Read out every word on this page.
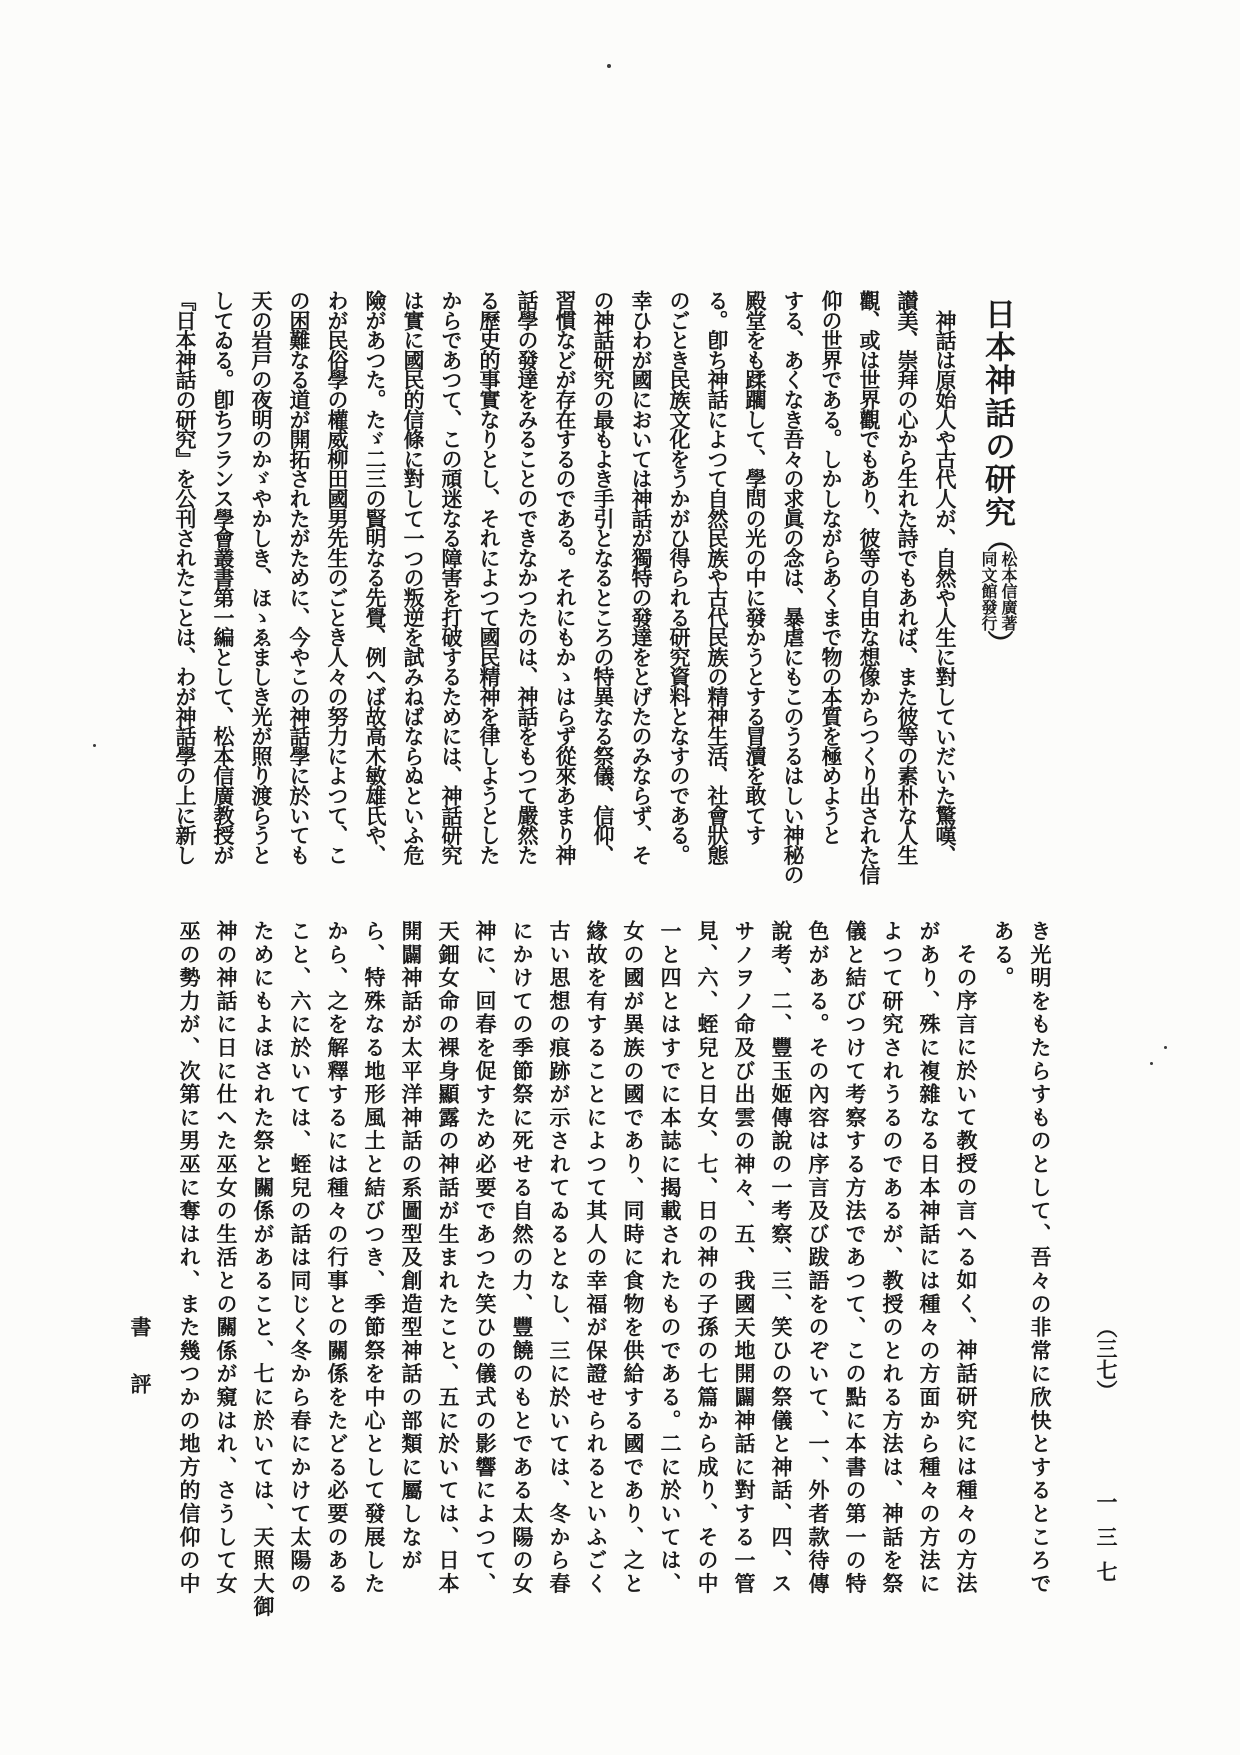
日本神話の研究
（
松本信廣著
同文館發行
）
神話は原始人や古代人が、自然や人生に對していだいた驚嘆、
讃美、崇拜の心から生れた詩でもあれば、また彼等の素朴な人生
觀、或は世界觀でもあり、彼等の自由な想像からつくり出された信
仰の世界である。しかしながらあくまで物の本質を極めようと
する、あくなき吾々の求眞の念は、暴虐にもこのうるはしい神秘の
殿堂をも蹂躙して、學問の光の中に發かうとする冒瀆を敢てす
る。卽ち神話によつて自然民族や古代民族の精神生活、社會狀態
のごとき民族文化をうかがひ得られる研究資料となすのである。
幸ひわが國においては神話が獨特の發達をとげたのみならず、そ
の神話研究の最もよき手引となるところの特異なる祭儀、信仰、
習慣などが存在するのである。それにもかゝはらず從來あまり神
話學の發達をみることのできなかつたのは、神話をもつて嚴然た
る歷史的事實なりとし、それによつて國民精神を律しようとした
からであつて、この頑迷なる障害を打破するためには、神話研究
は實に國民的信條に對して一つの叛逆を試みねばならぬといふ危
險があつた。たゞ二三の賢明なる先覺、例へば故高木敏雄氏や、
わが民俗學の權威柳田國男先生のごとき人々の努力によつて、こ
の困難なる道が開拓されたがために、今やこの神話學に於いても
天の岩戸の夜明のかゞやかしき、ほゝゑましき光が照り渡らうと
してゐる。卽ちフランス學會叢書第一編として、松本信廣教授が
『日本神話の研究』を公刊されたことは、わが神話學の上に新し
き光明をもたらすものとして、吾々の非常に欣快とするところで
ある。
その序言に於いて教授の言へる如く、神話研究には種々の方法
があり、殊に複雜なる日本神話には種々の方面から種々の方法に
よつて研究されうるのであるが、教授のとれる方法は、神話を祭
儀と結びつけて考察する方法であつて、この點に本書の第一の特
色がある。その內容は序言及び跋語をのぞいて、一、外者款待傳
說考、二、豐玉姬傳說の一考察、三、笑ひの祭儀と神話、四、ス
サノヲノ命及び出雲の神々、五、我國天地開闢神話に對する一管
見、六、蛭兒と日女、七、日の神の子孫の七篇から成り、その中
一と四とはすでに本誌に揭載されたものである。二に於いては、
女の國が異族の國であり、同時に食物を供給する國であり、之と
緣故を有することによつて其人の幸福が保證せられるといふごく
古い思想の痕跡が示されてゐるとなし、三に於いては、冬から春
にかけての季節祭に死せる自然の力、豐饒のもとである太陽の女
神に、回春を促すため必要であつた笑ひの儀式の影響によつて、
天鈿女命の裸身顯露の神話が生まれたこと、五に於いては、日本
開闢神話が太平洋神話の系圖型及創造型神話の部類に屬しなが
ら、特殊なる地形風土と結びつき、季節祭を中心として發展した
から、之を解釋するには種々の行事との關係をたどる必要のある
こと、六に於いては、蛭兒の話は同じく冬から春にかけて太陽の
ためにもよほされた祭と關係があること、七に於いては、天照大御
神の神話に日に仕へた巫女の生活との關係が窺はれ、さうして女
巫の勢力が、次第に男巫に奪はれ、また幾つかの地方的信仰の中
書評	（三七）
一三七
